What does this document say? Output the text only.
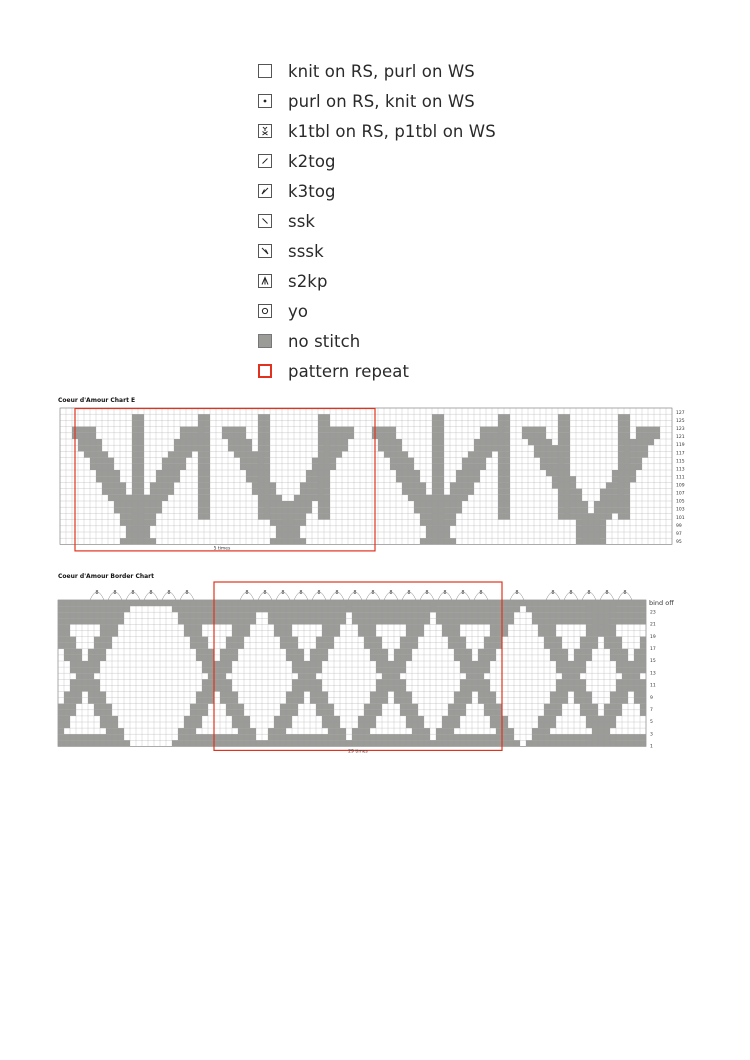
knit on RS, purl on WS
purl on RS, knit on WS
k1tbl on RS, p1tbl on WS
k2tog
k3tog
ssk
sssk
s2kp
yo
no stitch
pattern repeat
Coeur d'Amour Chart E
5 times
127
125
123
121
119
117
115
113
111
109
107
105
103
101
99
97
95
Coeur d'Amour Border Chart
8	8	8	8	8	8	8	8	8	8	8	8	8	8	8	8	8	8	8	8	8	8	8	8	8	8
29 times
bind off
23
21
19
17
15
13
11
9
7
5
3
1
